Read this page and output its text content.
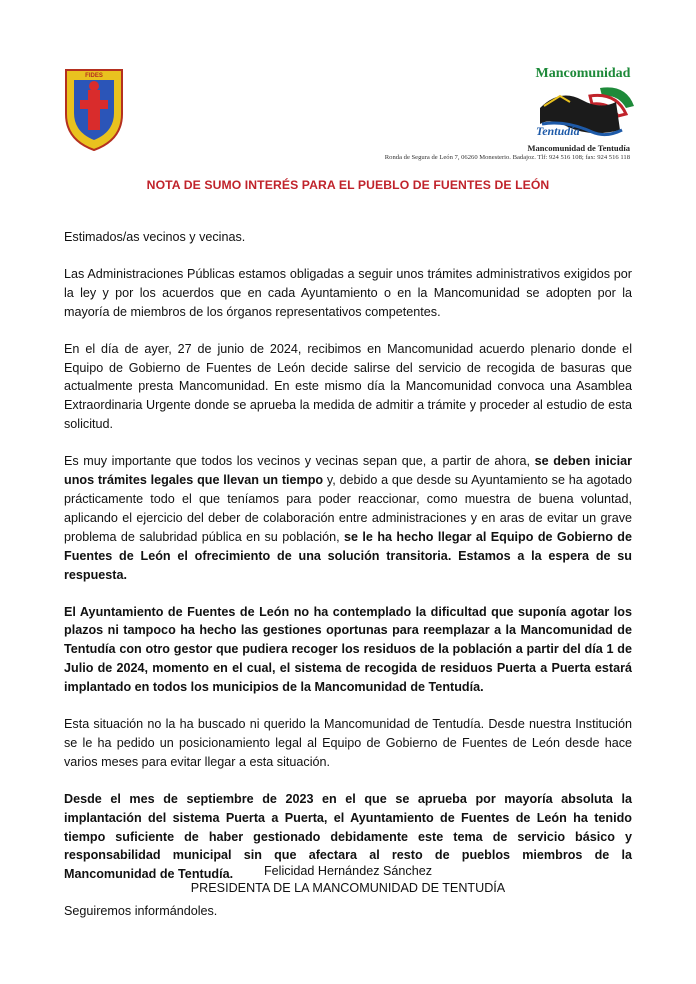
FIDES	Mancomunidad
Tentudía
Mancomunidad de Tentudía
Ronda de Segura de León 7, 06260 Monesterio. Badajoz. Tlf: 924 516 108; fax: 924 516 118
NOTA DE SUMO INTERÉS PARA EL PUEBLO DE FUENTES DE LEÓN

Estimados/as vecinos y vecinas.

Las Administraciones Públicas estamos obligadas a seguir unos trámites administrativos exigidos por la ley y por los acuerdos que en cada Ayuntamiento o en la Mancomunidad se adopten por la mayoría de miembros de los órganos representativos competentes.

En el día de ayer, 27 de junio de 2024, recibimos en Mancomunidad acuerdo plenario donde el Equipo de Gobierno de Fuentes de León decide salirse del servicio de recogida de basuras que actualmente presta Mancomunidad. En este mismo día la Mancomunidad convoca una Asamblea Extraordinaria Urgente donde se aprueba la medida de admitir a trámite y proceder al estudio de esta solicitud.

Es muy importante que todos los vecinos y vecinas sepan que, a partir de ahora, se deben iniciar unos trámites legales que llevan un tiempo y, debido a que desde su Ayuntamiento se ha agotado prácticamente todo el que teníamos para poder reaccionar, como muestra de buena voluntad, aplicando el ejercicio del deber de colaboración entre administraciones y en aras de evitar un grave problema de salubridad pública en su población, se le ha hecho llegar al Equipo de Gobierno de Fuentes de León el ofrecimiento de una solución transitoria. Estamos a la espera de su respuesta.

El Ayuntamiento de Fuentes de León no ha contemplado la dificultad que suponía agotar los plazos ni tampoco ha hecho las gestiones oportunas para reemplazar a la Mancomunidad de Tentudía con otro gestor que pudiera recoger los residuos de la población a partir del día 1 de Julio de 2024, momento en el cual, el sistema de recogida de residuos Puerta a Puerta estará implantado en todos los municipios de la Mancomunidad de Tentudía.

Esta situación no la ha buscado ni querido la Mancomunidad de Tentudía. Desde nuestra Institución se le ha pedido un posicionamiento legal al Equipo de Gobierno de Fuentes de León desde hace varios meses para evitar llegar a esta situación.

Desde el mes de septiembre de 2023 en el que se aprueba por mayoría absoluta la implantación del sistema Puerta a Puerta, el Ayuntamiento de Fuentes de León ha tenido tiempo suficiente de haber gestionado debidamente este tema de servicio básico y responsabilidad municipal sin que afectara al resto de pueblos miembros de la Mancomunidad de Tentudía.

Seguiremos informándoles.

Felicidad Hernández Sánchez
PRESIDENTA DE LA MANCOMUNIDAD DE TENTUDÍA
